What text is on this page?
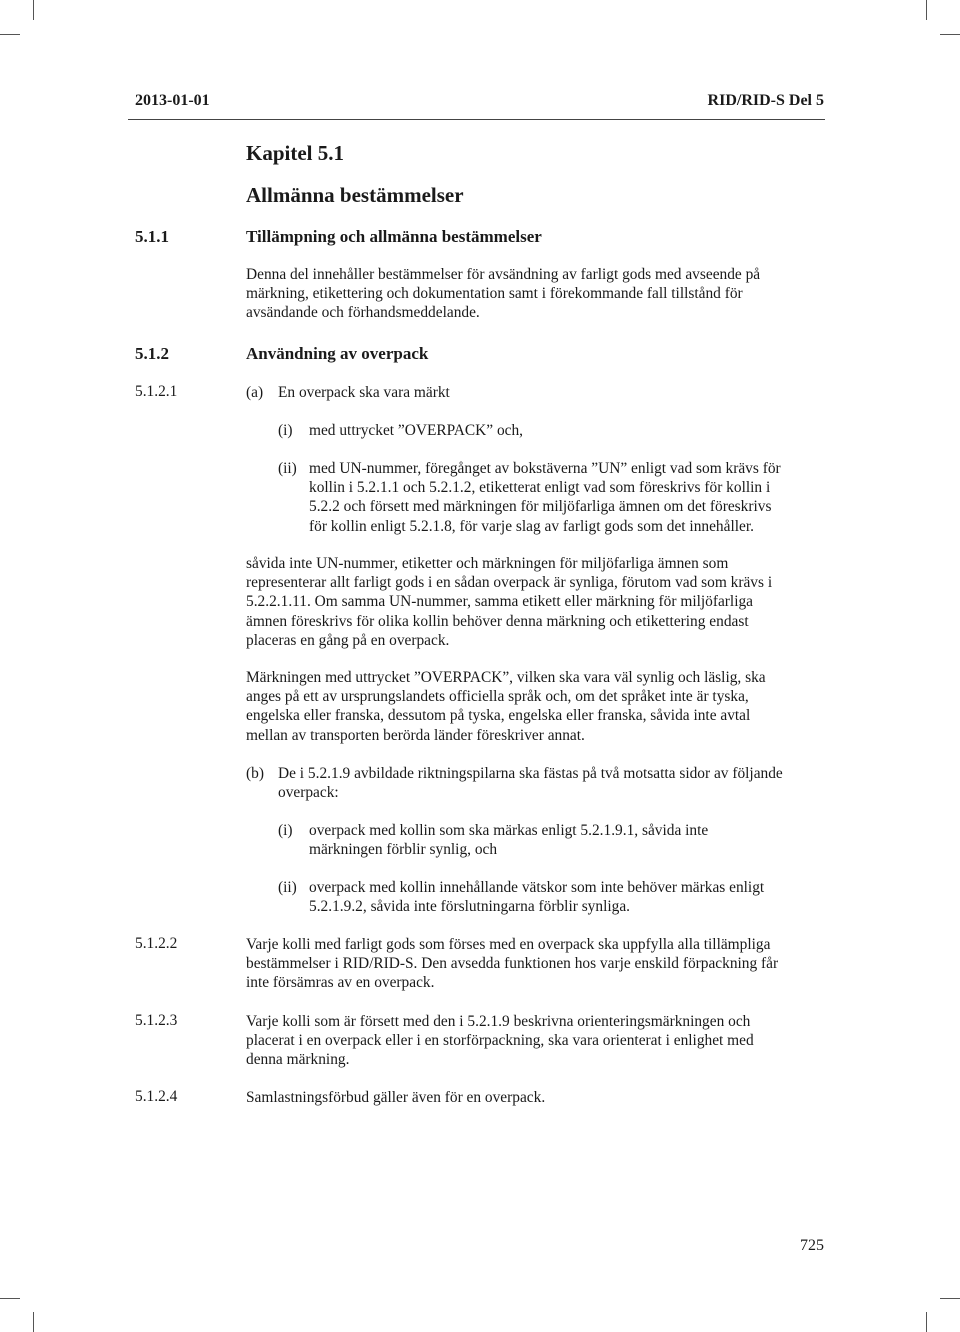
2013-01-01	RID/RID-S Del 5
Kapitel 5.1
Allmänna bestämmelser
5.1.1	Tillämpning och allmänna bestämmelser
Denna del innehåller bestämmelser för avsändning av farligt gods med avseende på
märkning, etikettering och dokumentation samt i förekommande fall tillstånd för
avsändande och förhandsmeddelande.
5.1.2	Användning av overpack
5.1.2.1	(a) En overpack ska vara märkt
(i) med uttrycket ”OVERPACK” och,
(ii) med UN-nummer, föregånget av bokstäverna ”UN” enligt vad som krävs för
kollin i 5.2.1.1 och 5.2.1.2, etiketterat enligt vad som föreskrivs för kollin i
5.2.2 och försett med märkningen för miljöfarliga ämnen om det föreskrivs
för kollin enligt 5.2.1.8, för varje slag av farligt gods som det innehåller.
såvida inte UN-nummer, etiketter och märkningen för miljöfarliga ämnen som
representerar allt farligt gods i en sådan overpack är synliga, förutom vad som krävs i
5.2.2.1.11. Om samma UN-nummer, samma etikett eller märkning för miljöfarliga
ämnen föreskrivs för olika kollin behöver denna märkning och etikettering endast
placeras en gång på en overpack.
Märkningen med uttrycket ”OVERPACK”, vilken ska vara väl synlig och läslig, ska
anges på ett av ursprungslandets officiella språk och, om det språket inte är tyska,
engelska eller franska, dessutom på tyska, engelska eller franska, såvida inte avtal
mellan av transporten berörda länder föreskriver annat.
(b) De i 5.2.1.9 avbildade riktningspilarna ska fästas på två motsatta sidor av följande
overpack:
(i) overpack med kollin som ska märkas enligt 5.2.1.9.1, såvida inte
märkningen förblir synlig, och
(ii) overpack med kollin innehållande vätskor som inte behöver märkas enligt
5.2.1.9.2, såvida inte förslutningarna förblir synliga.
5.1.2.2	Varje kolli med farligt gods som förses med en overpack ska uppfylla alla tillämpliga
bestämmelser i RID/RID-S. Den avsedda funktionen hos varje enskild förpackning får
inte försämras av en overpack.
5.1.2.3	Varje kolli som är försett med den i 5.2.1.9 beskrivna orienteringsmärkningen och
placerat i en overpack eller i en storförpackning, ska vara orienterat i enlighet med
denna märkning.
5.1.2.4	Samlastningsförbud gäller även för en overpack.
725
